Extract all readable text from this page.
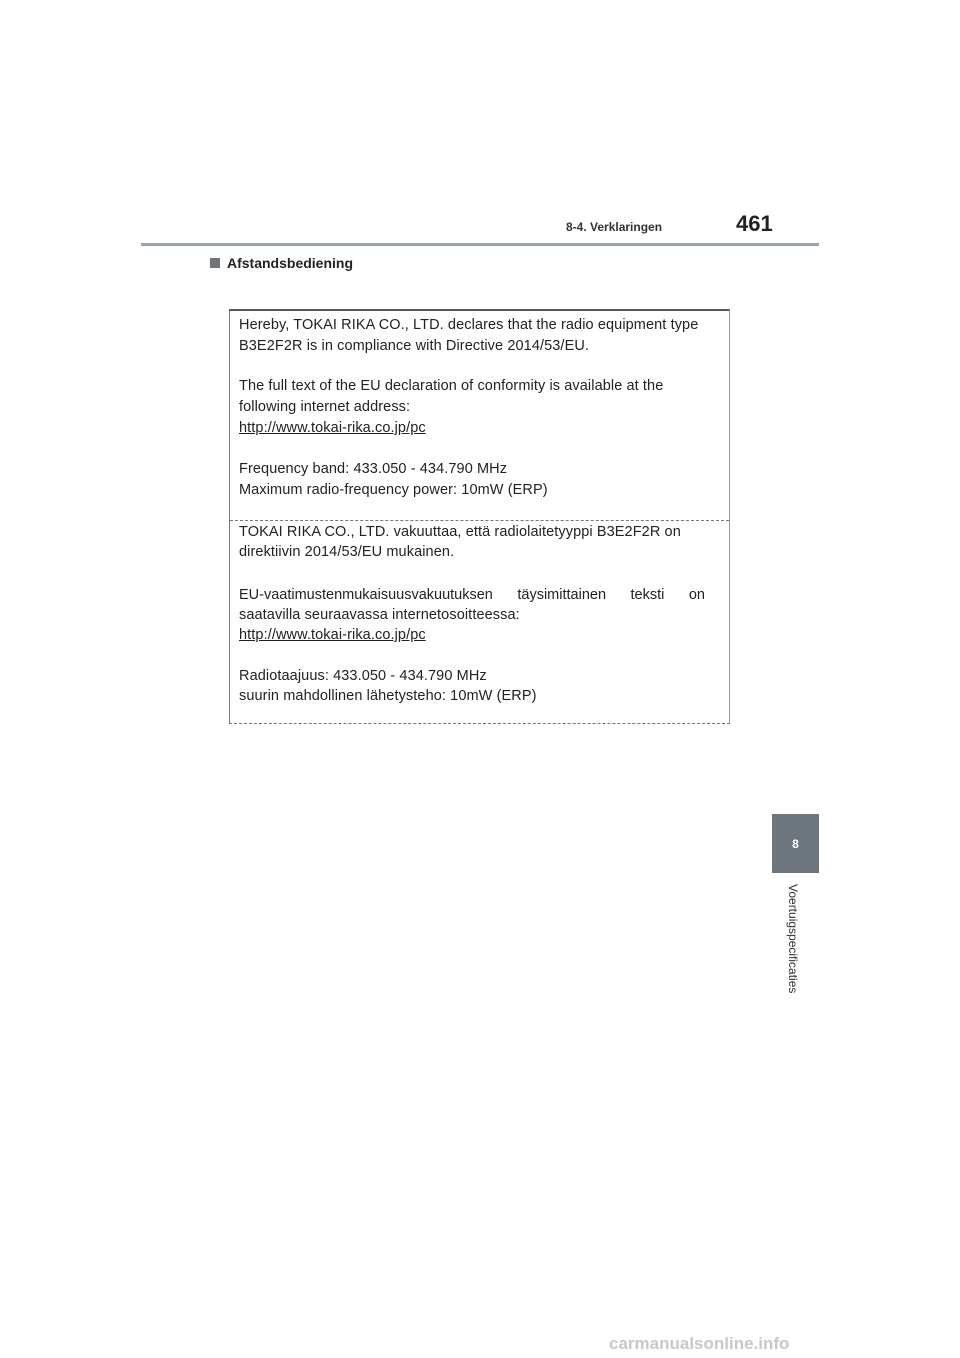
8-4. Verklaringen	461
Afstandsbediening
Hereby, TOKAI RIKA CO., LTD. declares that the radio equipment type
B3E2F2R is in compliance with Directive 2014/53/EU.
The full text of the EU declaration of conformity is available at the
following internet address:
http://www.tokai-rika.co.jp/pc
Frequency band: 433.050 - 434.790 MHz
Maximum radio-frequency power: 10mW (ERP)
TOKAI RIKA CO., LTD. vakuuttaa, että radiolaitetyyppi B3E2F2R on
direktiivin 2014/53/EU mukainen.
EU-vaatimustenmukaisuusvakuutuksen täysimittainen teksti on
saatavilla seuraavassa internetosoitteessa:
http://www.tokai-rika.co.jp/pc
Radiotaajuus: 433.050 - 434.790 MHz
suurin mahdollinen lähetysteho: 10mW (ERP)
8
Voertuigspecificaties
carmanualsonline.info
